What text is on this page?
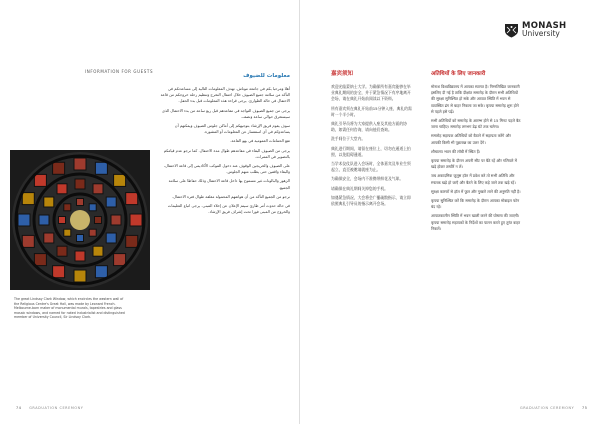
INFORMATION FOR GUESTS
The great Lindsay Clark Window, which encircles the western wall of the Religious Centre's Great Hall, was made by Leonard French. Melbourne-born maker of monumental murals, tapestries and glass mosaic windows, and named for noted industrialist and distinguished member of University Council, Sir Lindsay Clark.
معلومات للضيوف

أهلا ومرحبا بكم في جامعة موناش. تهدف المعلومات التالية إلى مساعدتكم في التأكد من سلامة جميع الضيوف خلال احتفال التخرج وتنظيم رحلة خروجكم من قاعة الاحتفال في حالة الطوارئ. يرجى قراءة هذه المعلومات قبل بدء الحفل.

يرجى من جميع الضيوف التواجد في مقاعدهم قبل ربع ساعة من بدء الاحتفال الذي سيستغرق حوالي ساعة ونصف.

سوف يقوم فريق الإرشاد بتوجيهكم إلى أماكن جلوس الضيوف ويمكنهم أن يساعدوكم في أي استفسار عن المعلومات أو المشورة.

تقع الحمامات العمومية في بهو القاعة.

يرجى من الضيوف البقاء في مقاعدهم طوال مدة الاحتفال. كما نرجو عدم قيامكم بالتصوير في الممرات.

على الضيوف والخريجين الوقوف عند دخول الموكب الأكاديمي إلى قاعة الاحتفال، والبقاء واقفين حتى يطلب منهم الجلوس.

الزهور والبالونات غير مسموح بها داخل قاعة الاحتفال وذلك حفاظا على سلامة الجميع.

نرجو من الجميع التأكد من أن هواتفهم المحمولة مغلقة طوال فترة الاحتفال.

في حالة حدوث أمر طارئ سيتم الإعلان عن إخلاء المبنى. يرجى اتباع التعليمات والخروج من المبنى فورا تحت إشراف فريق الإرشاد.

74 GRADUATION CEREMONY
嘉宾须知

欢迎光临蒙纳士大学。为确保所有嘉宾能够在毕业典礼期间的安全，并于紧急情况下有序地离开会场，请在典礼开始前阅读以下资料。

所有嘉宾须在典礼开始前15分钟入座，典礼约需时一个半小时。

典礼引导员将为大家提供入座及其他方面的协助，如需任何咨询，请向他们查询。

洗手间位于大堂内。

典礼进行期间，请留在座位上，切勿在通道上拍照，以免阻碍通道。

当学术仪仗队进入会场时，全体嘉宾及毕业生须起立，直至被邀请就座为止。

为确保安全，会场内不准携带鲜花及气球。

请确保在典礼期间关掉您的手机。

如遇紧急情况，大会将会广播疏散指示，请立即依照典礼引导员的指示离开会场。

अतिथियों के लिए जानकारी

मोनाश विश्वविद्यालय में आपका स्वागत है। निम्नलिखित जानकारी इसलिए दी गई है ताकि दीक्षांत समारोह के दौरान सभी अतिथियों की सुरक्षा सुनिश्चित हो सके और आपात स्थिति में भवन से व्यवस्थित ढंग से बाहर निकला जा सके। कृपया समारोह शुरू होने से पहले इसे पढ़ें।

सभी अतिथियों को समारोह के आरम्भ होने से 15 मिनट पहले बैठ जाना चाहिए। समारोह लगभग डेढ़ घंटे तक चलेगा।

समारोह सहायक अतिथियों को बैठाने में सहायता करेंगे और आपकी किसी भी पूछताछ का उत्तर देंगे।

शौचालय भवन की लॉबी में स्थित हैं।

कृपया समारोह के दौरान अपनी सीट पर बैठे रहें और गलियारे में खड़े होकर तस्वीरें न लें।

जब अकादमिक जुलूस हॉल में प्रवेश करे तो सभी अतिथि और स्नातक खड़े हो जाएँ और बैठने के लिए कहे जाने तक खड़े रहें।

सुरक्षा कारणों से हॉल में फूल और गुब्बारे लाने की अनुमति नहीं है।

कृपया सुनिश्चित करें कि समारोह के दौरान आपका मोबाइल फोन बंद रहे।

आपातकालीन स्थिति में भवन खाली करने की घोषणा की जाएगी। कृपया समारोह सहायकों के निर्देशों का पालन करते हुए तुरंत बाहर निकलें।

GRADUATION CEREMONY 75
MONASH
University
